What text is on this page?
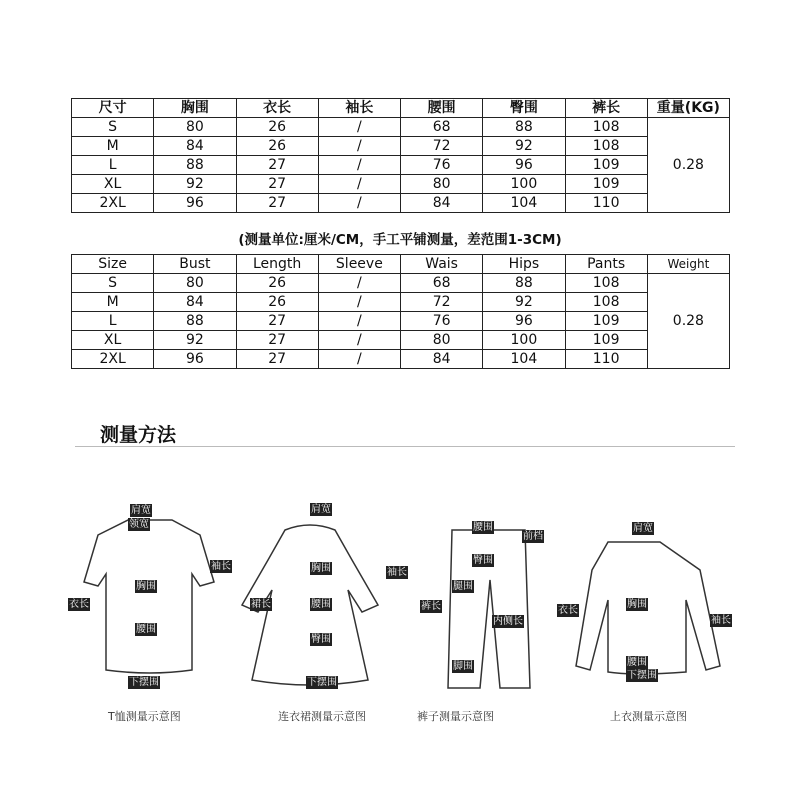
尺寸	胸围	衣长	袖长	腰围	臀围	裤长	重量(KG)
S	80	26	/	68	88	108	0.28
M	84	26	/	72	92	108	
L	88	27	/	76	96	109	
XL	92	27	/	80	100	109	
2XL	96	27	/	84	104	110	
(测量单位:厘米/CM，手工平铺测量，差范围1-3CM)
Size	Bust	Length	Sleeve	Wais	Hips	Pants	Weight
S	80	26	/	68	88	108	0.28
M	84	26	/	72	92	108	
L	88	27	/	76	96	109	
XL	92	27	/	80	100	109	
2XL	96	27	/	84	104	110	
测量方法
肩宽
领宽
袖长
胸围
衣长
腰围
下摆围
T恤测量示意图
肩宽
袖长
胸围
裙长	腰围
臀围
下摆围
连衣裙测量示意图
腰围
前档
臀围
腿围
裤长
内侧长
脚围
裤子测量示意图
肩宽
胸围
衣长
袖长
腰围
下摆围
上衣测量示意图
